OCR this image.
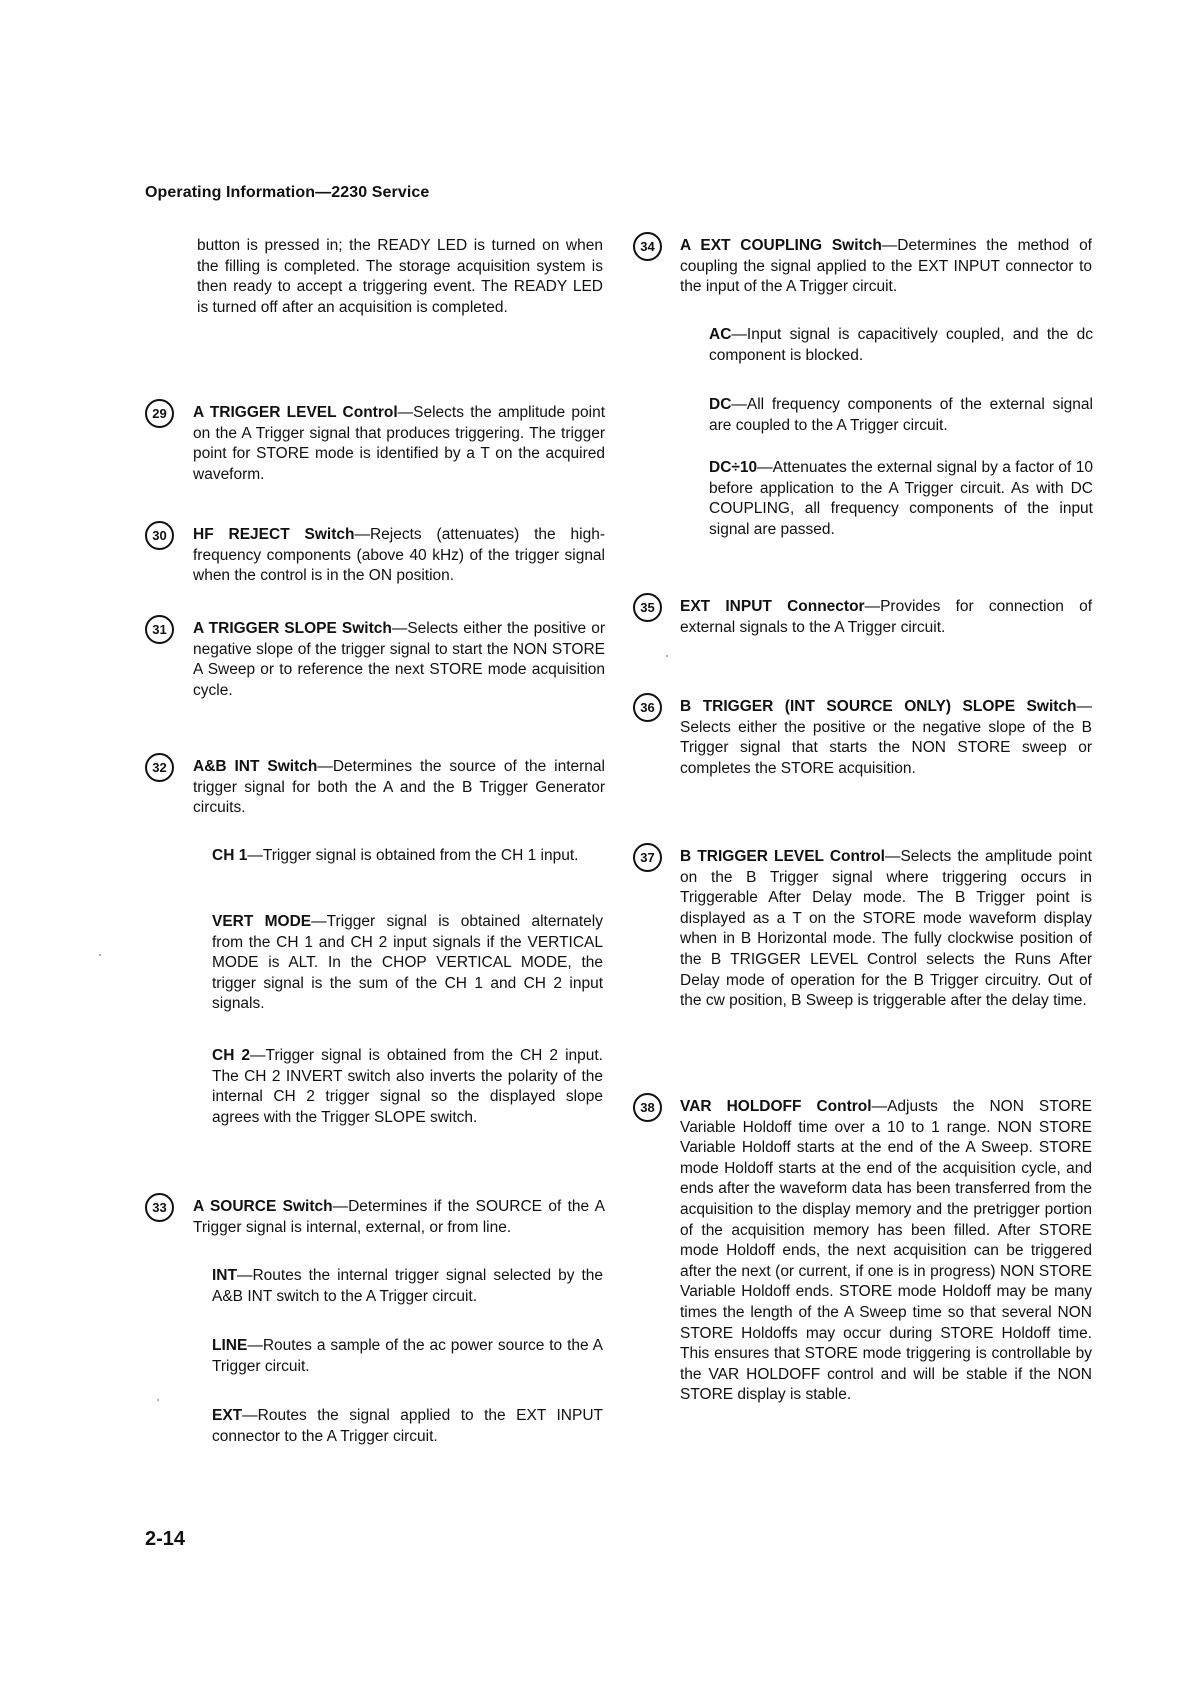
Operating Information—2230 Service
button is pressed in; the READY LED is turned on when the filling is completed. The storage acquisition system is then ready to accept a triggering event. The READY LED is turned off after an acquisition is completed.
29	A TRIGGER LEVEL Control—Selects the amplitude point on the A Trigger signal that produces triggering. The trigger point for STORE mode is identified by a T on the acquired waveform.
30	HF REJECT Switch—Rejects (attenuates) the high-frequency components (above 40 kHz) of the trigger signal when the control is in the ON position.
31	A TRIGGER SLOPE Switch—Selects either the positive or negative slope of the trigger signal to start the NON STORE A Sweep or to reference the next STORE mode acquisition cycle.
32	A&B INT Switch—Determines the source of the internal trigger signal for both the A and the B Trigger Generator circuits.
CH 1—Trigger signal is obtained from the CH 1 input.
VERT MODE—Trigger signal is obtained alternately from the CH 1 and CH 2 input signals if the VERTICAL MODE is ALT. In the CHOP VERTICAL MODE, the trigger signal is the sum of the CH 1 and CH 2 input signals.
CH 2—Trigger signal is obtained from the CH 2 input. The CH 2 INVERT switch also inverts the polarity of the internal CH 2 trigger signal so the displayed slope agrees with the Trigger SLOPE switch.
33	A SOURCE Switch—Determines if the SOURCE of the A Trigger signal is internal, external, or from line.
INT—Routes the internal trigger signal selected by the A&B INT switch to the A Trigger circuit.
LINE—Routes a sample of the ac power source to the A Trigger circuit.
EXT—Routes the signal applied to the EXT INPUT connector to the A Trigger circuit.
34	A EXT COUPLING Switch—Determines the method of coupling the signal applied to the EXT INPUT connector to the input of the A Trigger circuit.
AC—Input signal is capacitively coupled, and the dc component is blocked.
DC—All frequency components of the external signal are coupled to the A Trigger circuit.
DC÷10—Attenuates the external signal by a factor of 10 before application to the A Trigger circuit. As with DC COUPLING, all frequency components of the input signal are passed.
35	EXT INPUT Connector—Provides for connection of external signals to the A Trigger circuit.
36	B TRIGGER (INT SOURCE ONLY) SLOPE Switch—Selects either the positive or the negative slope of the B Trigger signal that starts the NON STORE sweep or completes the STORE acquisition.
37	B TRIGGER LEVEL Control—Selects the amplitude point on the B Trigger signal where triggering occurs in Triggerable After Delay mode. The B Trigger point is displayed as a T on the STORE mode waveform display when in B Horizontal mode. The fully clockwise position of the B TRIGGER LEVEL Control selects the Runs After Delay mode of operation for the B Trigger circuitry. Out of the cw position, B Sweep is triggerable after the delay time.
38	VAR HOLDOFF Control—Adjusts the NON STORE Variable Holdoff time over a 10 to 1 range. NON STORE Variable Holdoff starts at the end of the A Sweep. STORE mode Holdoff starts at the end of the acquisition cycle, and ends after the waveform data has been transferred from the acquisition to the display memory and the pretrigger portion of the acquisition memory has been filled. After STORE mode Holdoff ends, the next acquisition can be triggered after the next (or current, if one is in progress) NON STORE Variable Holdoff ends. STORE mode Holdoff may be many times the length of the A Sweep time so that several NON STORE Holdoffs may occur during STORE Holdoff time. This ensures that STORE mode triggering is controllable by the VAR HOLDOFF control and will be stable if the NON STORE display is stable.
2-14
